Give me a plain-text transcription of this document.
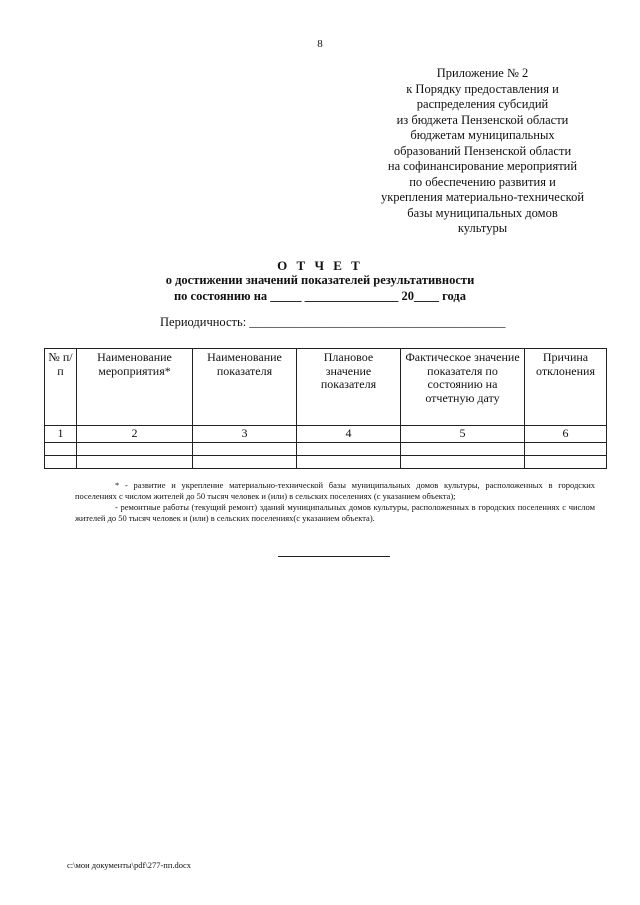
8
Приложение № 2
к Порядку предоставления и
распределения субсидий
из бюджета Пензенской области
бюджетам муниципальных
образований Пензенской области
на софинансирование мероприятий
по обеспечению развития и
укрепления материально-технической
базы муниципальных домов
культуры
О Т Ч Е Т
о достижении значений показателей результативности
по состоянию на _____ _______________ 20____ года
Периодичность: _________________________________________
№ п/п	Наименование мероприятия*	Наименование показателя	Плановое значение показателя	Фактическое значение показателя по состоянию на отчетную дату	Причина отклонения
1	2	3	4	5	6

* - развитие и укрепление материально-технической базы муниципальных домов культуры, расположенных в городских поселениях с числом жителей до 50 тысяч человек и (или) в сельских поселениях (с указанием объекта);

- ремонтные работы (текущий ремонт) зданий муниципальных домов культуры, расположенных в городских поселениях с числом жителей до 50 тысяч человек и (или) в сельских поселениях(с указанием объекта).

c:\мои документы\pdf\277-пп.docx
